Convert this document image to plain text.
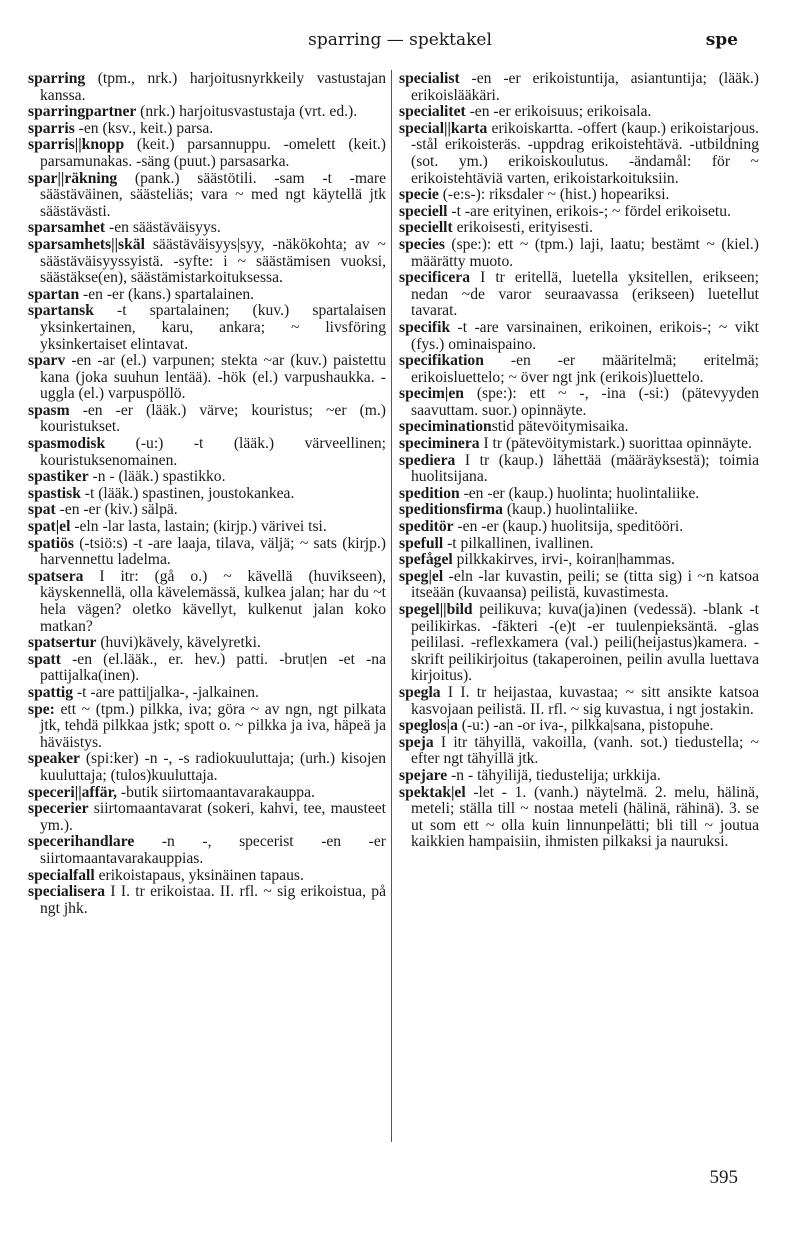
sparring — spektakel	spe

sparring (tpm., nrk.) harjoitusnyrkkeily vastustajan kanssa.

sparringpartner (nrk.) harjoitusvastustaja (vrt. ed.).

sparris -en (ksv., keit.) parsa.

sparris||knopp (keit.) parsannuppu. -omelett (keit.) parsamunakas. -säng (puut.) parsasarka.

spar||räkning (pank.) säästötili. -sam -t -mare säästäväinen, säästeliäs; vara ~ med ngt käytellä jtk säästävästi.

sparsamhet -en säästäväisyys.

sparsamhets||skäl säästäväisyys|syy, -näkökohta; av ~ säästäväisyyssyistä. -syfte: i ~ säästämisen vuoksi, säästäkse(en), säästämistarkoituksessa.

spartan -en -er (kans.) spartalainen.

spartansk -t spartalainen; (kuv.) spartalaisen yksinkertainen, karu, ankara; ~ livsföring yksinkertaiset elintavat.

sparv -en -ar (el.) varpunen; stekta ~ar (kuv.) paistettu kana (joka suuhun lentää). -hök (el.) varpushaukka. -uggla (el.) varpuspöllö.

spasm -en -er (lääk.) värve; kouristus; ~er (m.) kouristukset.

spasmodisk (-u:) -t (lääk.) värveellinen; kouristuksenomainen.

spastiker -n - (lääk.) spastikko.

spastisk -t (lääk.) spastinen, joustokankea.

spat -en -er (kiv.) sälpä.

spat|el -eln -lar lasta, lastain; (kirjp.) värivei tsi.

spatiös (-tsiö:s) -t -are laaja, tilava, väljä; ~ sats (kirjp.) harvennettu ladelma.

spatsera I itr: (gå o.) ~ kävellä (huvikseen), käyskennellä, olla kävelemässä, kulkea jalan; har du ~t hela vägen? oletko kävellyt, kulkenut jalan koko matkan?

spatsertur (huvi)kävely, kävelyretki.

spatt -en (el.lääk., er. hev.) patti. -brut|en -et -na pattijalka(inen).

spattig -t -are patti|jalka-, -jalkainen.

spe: ett ~ (tpm.) pilkka, iva; göra ~ av ngn, ngt pilkata jtk, tehdä pilkkaa jstk; spott o. ~ pilkka ja iva, häpeä ja häväistys.

speaker (spi:ker) -n -, -s radiokuuluttaja; (urh.) kisojen kuuluttaja; (tulos)kuuluttaja.

speceri||affär, -butik siirtomaantavarakauppa.

specerier siirtomaantavarat (sokeri, kahvi, tee, mausteet ym.).

specerihandlare -n -, specerist -en -er siirtomaantavarakauppias.

specialfall erikoistapaus, yksinäinen tapaus.

specialisera I I. tr erikoistaa. II. rfl. ~ sig erikoistua, på ngt jhk.

specialist -en -er erikoistuntija, asiantuntija; (lääk.) erikoislääkäri.

specialitet -en -er erikoisuus; erikoisala.

special||karta erikoiskartta. -offert (kaup.) erikoistarjous. -stål erikoisteräs. -uppdrag erikoistehtävä. -utbildning (sot. ym.) erikoiskoulutus. -ändamål: för ~ erikoistehtäviä varten, erikoistarkoituksiin.

specie (-e:s-): riksdaler ~ (hist.) hopeariksi.

speciell -t -are erityinen, erikois-; ~ fördel erikoisetu.

speciellt erikoisesti, erityisesti.

species (spe:): ett ~ (tpm.) laji, laatu; bestämt ~ (kiel.) määrätty muoto.

specificera I tr eritellä, luetella yksitellen, erikseen; nedan ~de varor seuraavassa (erikseen) luetellut tavarat.

specifik -t -are varsinainen, erikoinen, erikois-; ~ vikt (fys.) ominaispaino.

specifikation -en -er määritelmä; eritelmä; erikoisluettelo; ~ över ngt jnk (erikois)luettelo.

specim|en (spe:): ett ~ -, -ina (-si:) (pätevyyden saavuttam. suor.) opinnäyte.

speciminationstid pätevöitymisaika.

speciminera I tr (pätevöitymistark.) suorittaa opinnäyte.

spediera I tr (kaup.) lähettää (määräyksestä); toimia huolitsijana.

spedition -en -er (kaup.) huolinta; huolintaliike.

speditionsfirma (kaup.) huolintaliike.

speditör -en -er (kaup.) huolitsija, speditööri.

spefull -t pilkallinen, ivallinen.

spefågel pilkkakirves, irvi-, koiran|hammas.

speg|el -eln -lar kuvastin, peili; se (titta sig) i ~n katsoa itseään (kuvaansa) peilistä, kuvastimesta.

spegel||bild peilikuva; kuva(ja)inen (vedessä). -blank -t peilikirkas. -fäkteri -(e)t -er tuulenpieksäntä. -glas peililasi. -reflexkamera (val.) peili(heijastus)kamera. -skrift peilikirjoitus (takaperoinen, peilin avulla luettava kirjoitus).

spegla I I. tr heijastaa, kuvastaa; ~ sitt ansikte katsoa kasvojaan peilistä. II. rfl. ~ sig kuvastua, i ngt jostakin.

speglos|a (-u:) -an -or iva-, pilkka|sana, pistopuhe.

speja I itr tähyillä, vakoilla, (vanh. sot.) tiedustella; ~ efter ngt tähyillä jtk.

spejare -n - tähyilijä, tiedustelija; urkkija.

spektak|el -let - 1. (vanh.) näytelmä. 2. melu, hälinä, meteli; ställa till ~ nostaa meteli (hälinä, rähinä). 3. se ut som ett ~ olla kuin linnunpelätti; bli till ~ joutua kaikkien hampaisiin, ihmisten pilkaksi ja nauruksi.

595
